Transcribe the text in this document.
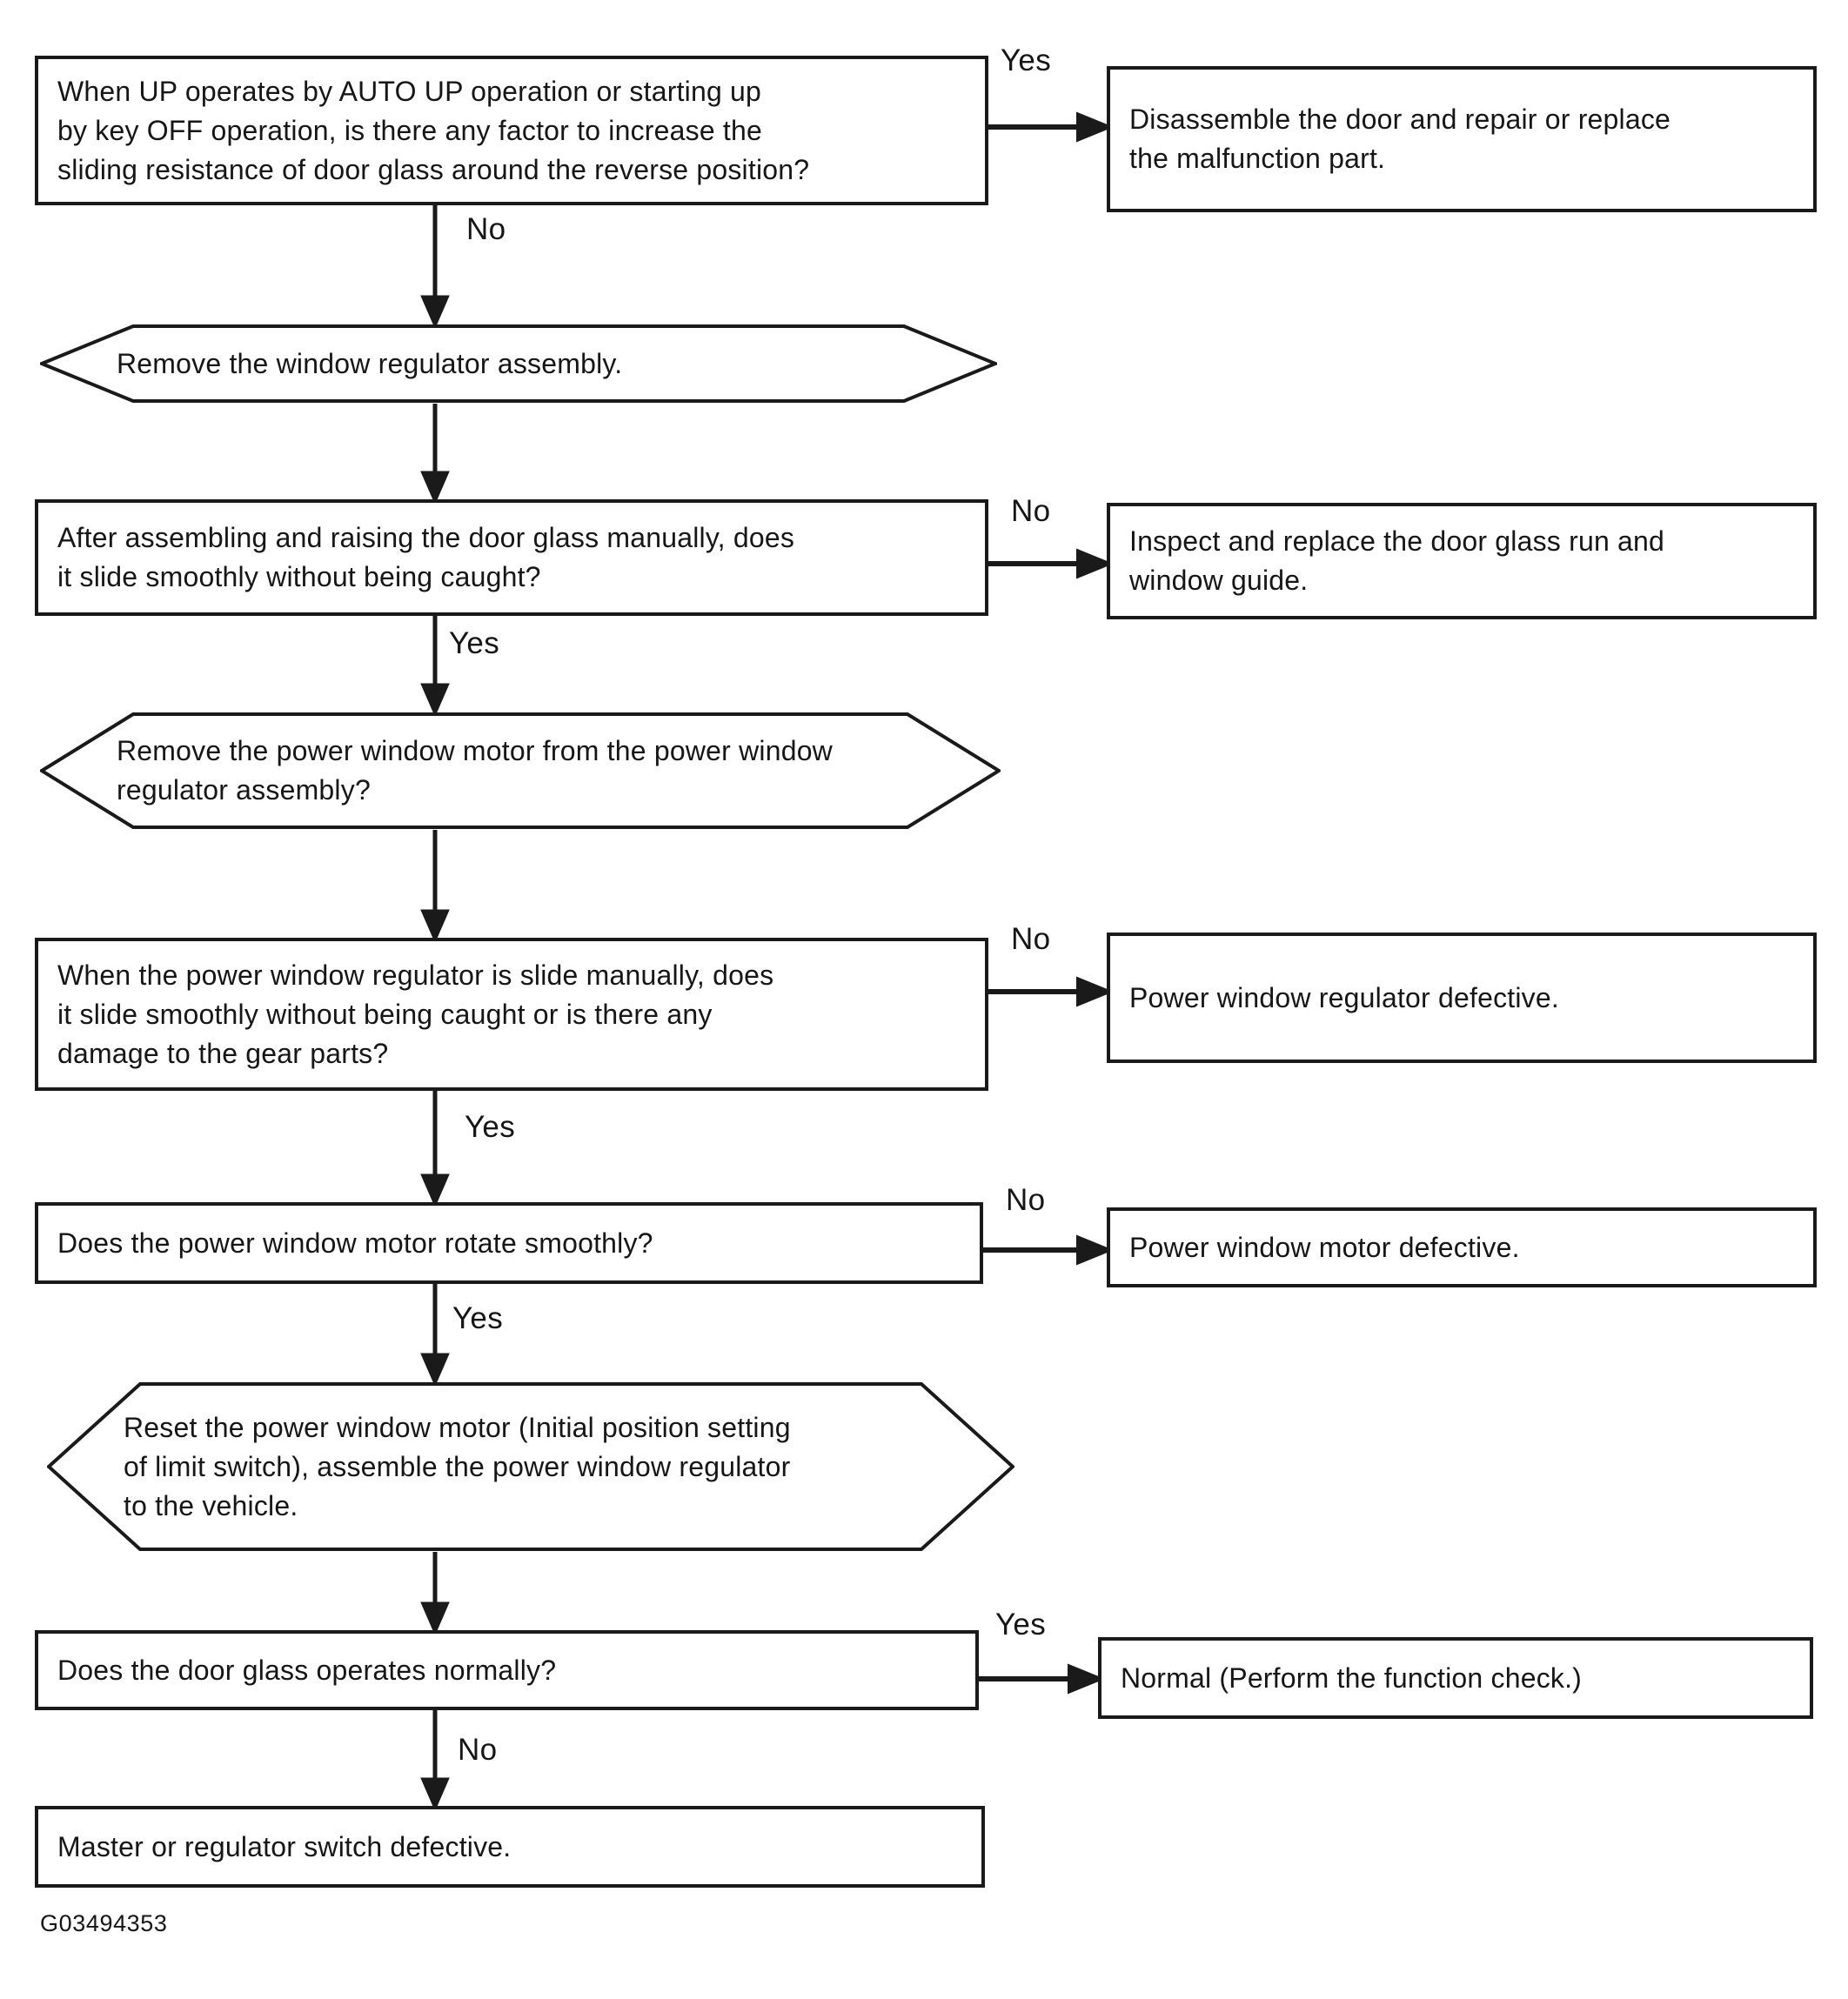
When UP operates by AUTO UP operation or starting up
by key OFF operation, is there any factor to increase the
sliding resistance of door glass around the reverse position?
Disassemble the door and repair or replace
the malfunction part.
After assembling and raising the door glass manually, does
it slide smoothly without being caught?
Inspect and replace the door glass run and
window guide.
When the power window regulator is slide manually, does
it slide smoothly without being caught or is there any
damage to the gear parts?
Power window regulator defective.
Does the power window motor rotate smoothly?	Power window motor defective.
Does the door glass operates normally?	Normal (Perform the function check.)
Master or regulator switch defective.
Remove the window regulator assembly.
Remove the power window motor from the power window
regulator assembly?
Reset the power window motor (Initial position setting
of limit switch), assemble the power window regulator
to the vehicle.
Yes
No
No
Yes
No
Yes
No
Yes
Yes
No
G03494353
